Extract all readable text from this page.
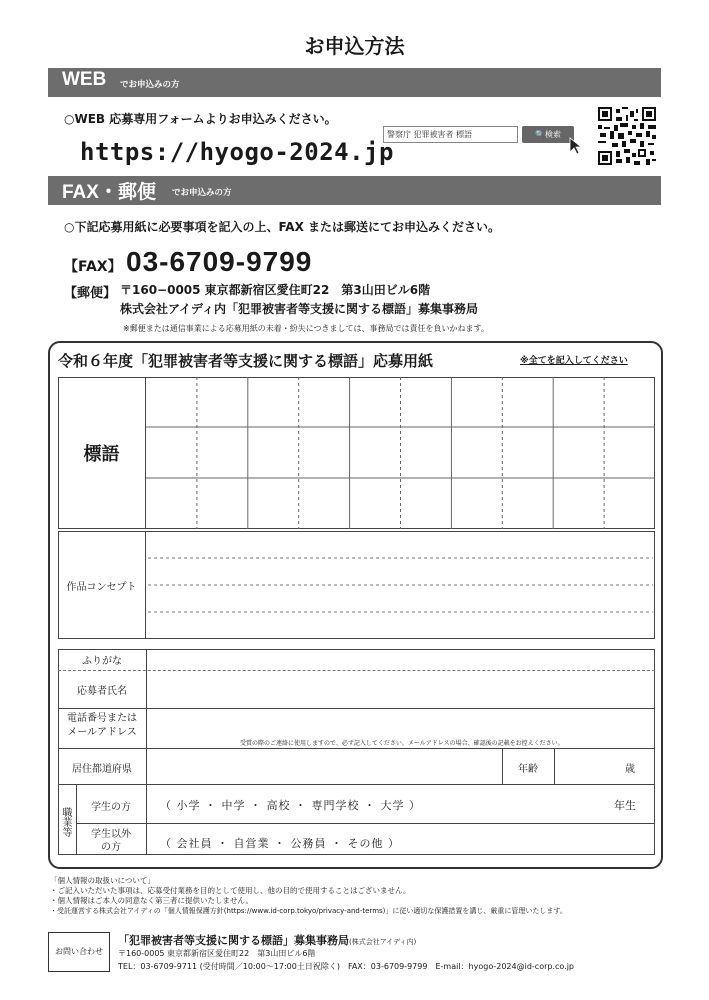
お申込方法
WEB でお申込みの方
○WEB 応募専用フォームよりお申込みください。
https://hyogo-2024.jp
警察庁 犯罪被害者 標語	🔍検索
FAX・郵便 でお申込みの方
○下記応募用紙に必要事項を記入の上、FAX または郵送にてお申込みください。
【FAX】 03-6709-9799
【郵便】 〒160−0005 東京都新宿区愛住町22　第3山田ビル6階
株式会社アイディ内「犯罪被害者等支援に関する標語」募集事務局
※郵便または通信事業による応募用紙の未着・紛失につきましては、事務局では責任を負いかねます。
令和６年度「犯罪被害者等支援に関する標語」応募用紙	※全てを記入してください
標語
作品コンセプト
ふりがな
応募者氏名
電話番号または
メールアドレス
受賞の際のご連絡に使用しますので、必ず記入してください。メールアドレスの場合、確認後の記載をお控えください。
居住都道府県	年齢	歳
職業等	学生の方	（ 小学 ・ 中学 ・ 高校 ・ 専門学校 ・ 大学 ）	年生
学生以外
の方	（ 会社員 ・ 自営業 ・ 公務員 ・ その他 ）
「個人情報の取扱いについて」
・ご記入いただいた事項は、応募受付業務を目的として使用し、他の目的で使用することはございません。
・個人情報はご本人の同意なく第三者に提供いたしません。
・受託運営する株式会社アイディの「個人情報保護方針(https://www.id-corp.tokyo/privacy-and-terms)」に従い適切な保護措置を講じ、厳重に管理いたします。
お問い合わせ
「犯罪被害者等支援に関する標語」募集事務局(株式会社アイディ内)
〒160-0005 東京都新宿区愛住町22　第3山田ビル6階
TEL：03-6709-9711 (受付時間／10:00〜17:00土日祝除く)　FAX：03-6709-9799　E-mail：hyogo-2024@id-corp.co.jp
